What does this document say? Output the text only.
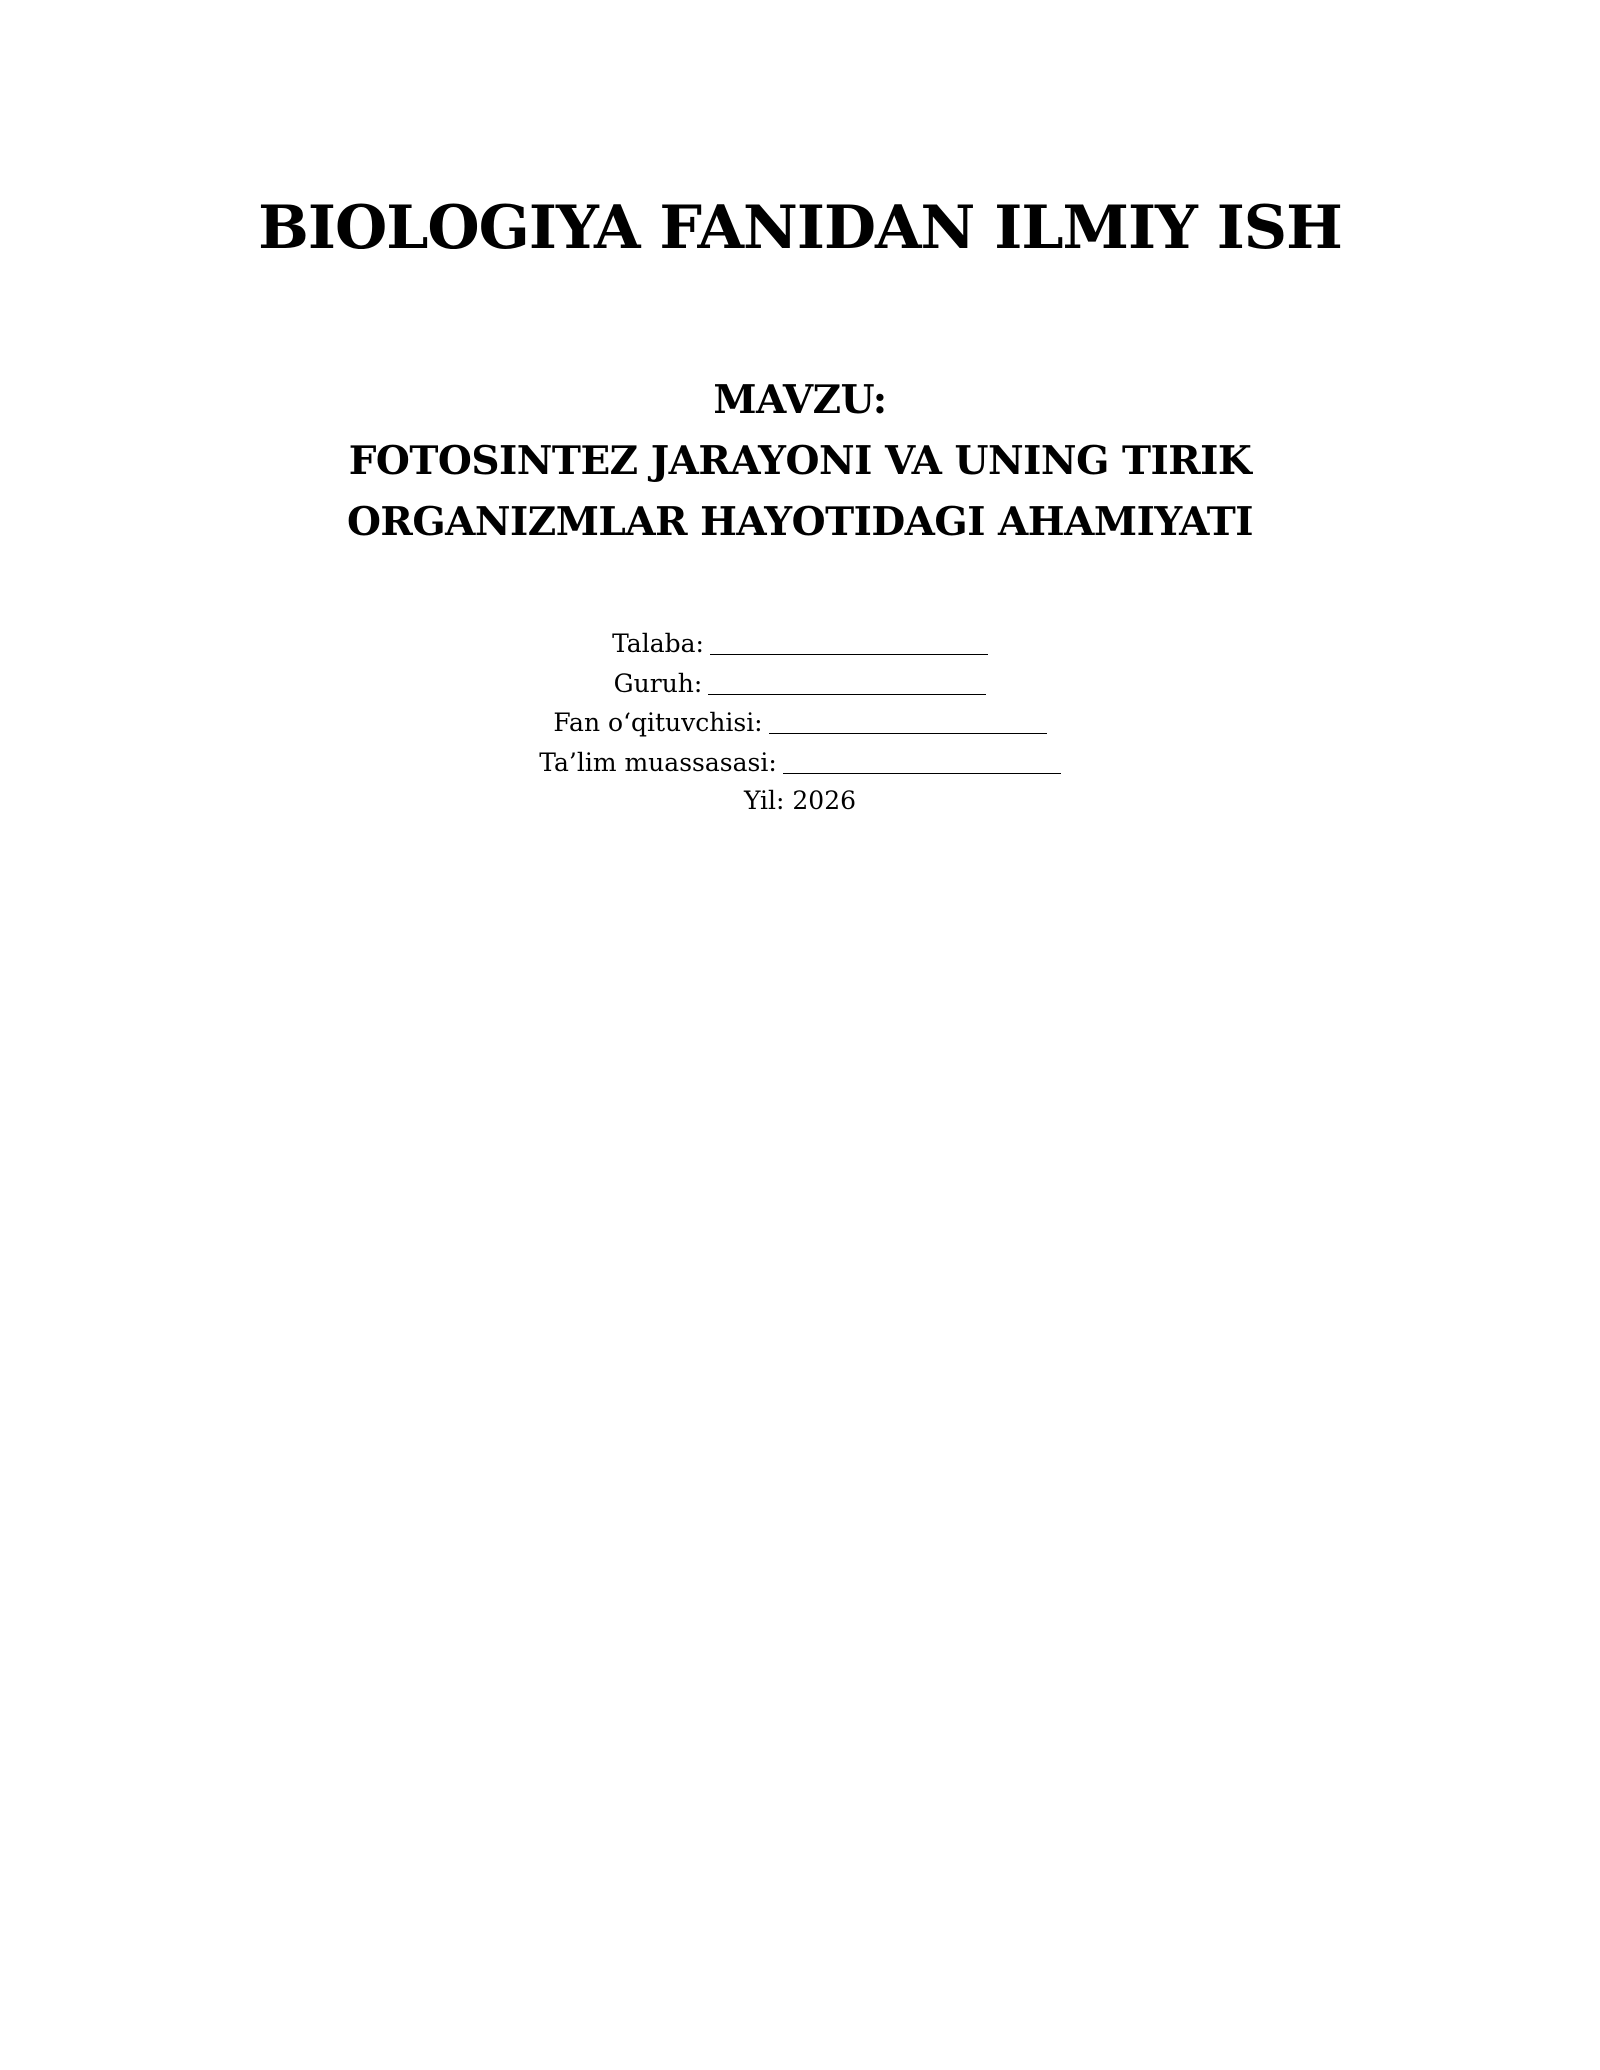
BIOLOGIYA FANIDAN ILMIY ISH
MAVZU:
FOTOSINTEZ JARAYONI VA UNING TIRIK
ORGANIZMLAR HAYOTIDAGI AHAMIYATI
Talaba:
Guruh:
Fan o‘qituvchisi:
Ta’lim muassasasi:
Yil: 2026
